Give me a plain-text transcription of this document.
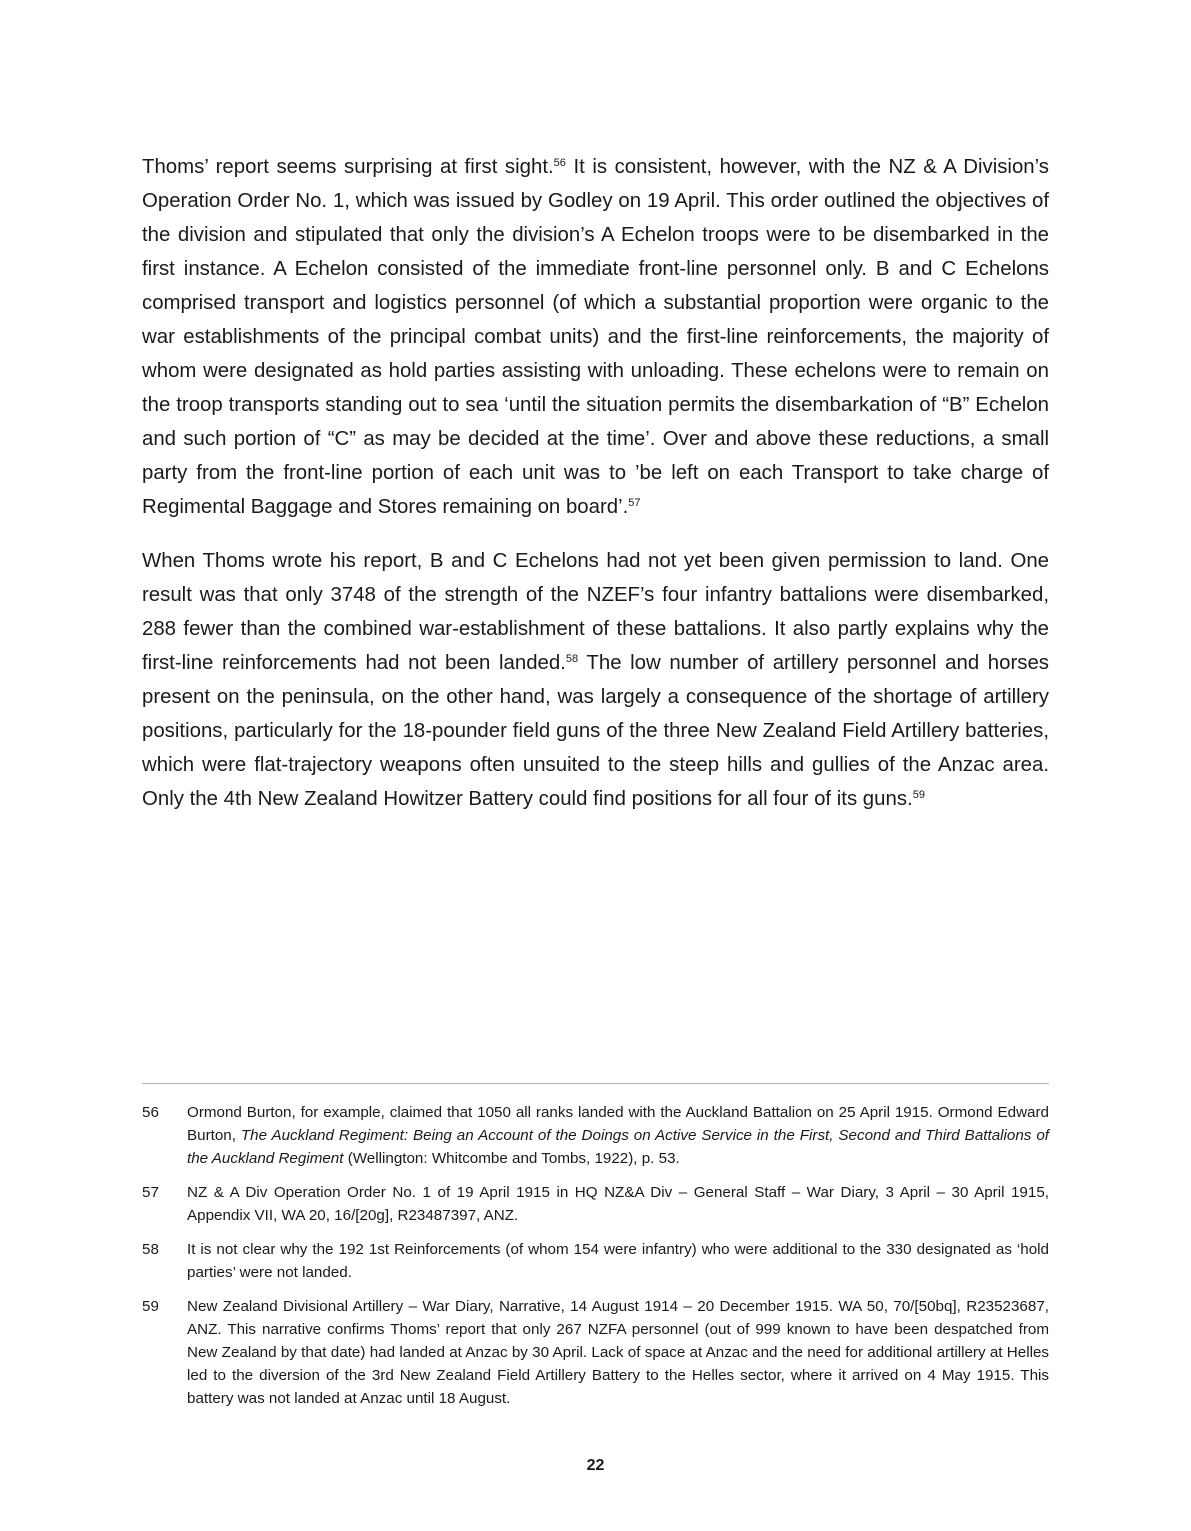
Thoms’ report seems surprising at first sight.$^{56}$ It is consistent, however, with the NZ & A Division’s Operation Order No. 1, which was issued by Godley on 19 April. This order outlined the objectives of the division and stipulated that only the division’s A Echelon troops were to be disembarked in the first instance. A Echelon consisted of the immediate front-line personnel only. B and C Echelons comprised transport and logistics personnel (of which a substantial proportion were organic to the war establishments of the principal combat units) and the first-line reinforcements, the majority of whom were designated as hold parties assisting with unloading. These echelons were to remain on the troop transports standing out to sea ‘until the situation permits the disembarkation of “B” Echelon and such portion of “C” as may be decided at the time’. Over and above these reductions, a small party from the front-line portion of each unit was to ’be left on each Transport to take charge of Regimental Baggage and Stores remaining on board’.$^{57}$

When Thoms wrote his report, B and C Echelons had not yet been given permission to land. One result was that only 3748 of the strength of the NZEF’s four infantry battalions were disembarked, 288 fewer than the combined war-establishment of these battalions. It also partly explains why the first-line reinforcements had not been landed.$^{58}$ The low number of artillery personnel and horses present on the peninsula, on the other hand, was largely a consequence of the shortage of artillery positions, particularly for the 18-pounder field guns of the three New Zealand Field Artillery batteries, which were flat-trajectory weapons often unsuited to the steep hills and gullies of the Anzac area. Only the 4th New Zealand Howitzer Battery could find positions for all four of its guns.$^{59}$

56	Ormond Burton, for example, claimed that 1050 all ranks landed with the Auckland Battalion on 25 April 1915. Ormond Edward Burton, The Auckland Regiment: Being an Account of the Doings on Active Service in the First, Second and Third Battalions of the Auckland Regiment (Wellington: Whitcombe and Tombs, 1922), p. 53.
57	NZ & A Div Operation Order No. 1 of 19 April 1915 in HQ NZ&A Div – General Staff – War Diary, 3 April – 30 April 1915, Appendix VII, WA 20, 16/[20g], R23487397, ANZ.
58	It is not clear why the 192 1st Reinforcements (of whom 154 were infantry) who were additional to the 330 designated as ‘hold parties’ were not landed.
59	New Zealand Divisional Artillery – War Diary, Narrative, 14 August 1914 – 20 December 1915. WA 50, 70/[50bq], R23523687, ANZ. This narrative confirms Thoms’ report that only 267 NZFA personnel (out of 999 known to have been despatched from New Zealand by that date) had landed at Anzac by 30 April. Lack of space at Anzac and the need for additional artillery at Helles led to the diversion of the 3rd New Zealand Field Artillery Battery to the Helles sector, where it arrived on 4 May 1915. This battery was not landed at Anzac until 18 August.
22
